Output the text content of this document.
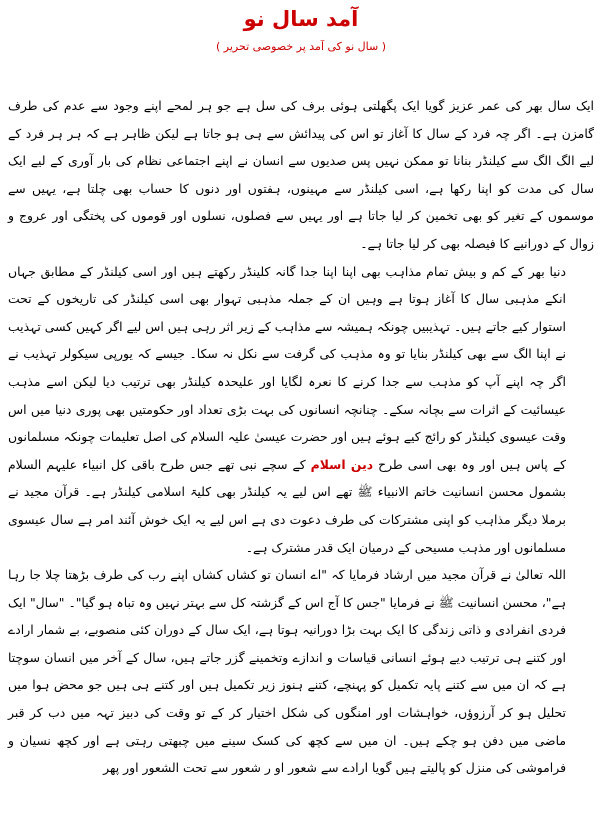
آمد سال نو
( سال نو کی آمد پر خصوصی تحریر )

ایک سال بھر کی عمر عزیز گویا ایک پگھلتی ہوئی برف کی سل ہے جو ہر لمحے اپنے وجود سے عدم کی طرف گامزن ہے۔ اگر چہ فرد کے سال کا آغاز تو اس کی پیدائش سے ہی ہو جاتا ہے لیکن ظاہر ہے کہ ہر ہر فرد کے لیے الگ الگ سے کیلنڈر بنانا تو ممکن نہیں پس صدیوں سے انسان نے اپنے اجتماعی نظام کی بار آوری کے لیے ایک سال کی مدت کو اپنا رکھا ہے، اسی کیلنڈر سے مہینوں، ہفتوں اور دنوں کا حساب بھی چلتا ہے، یہیں سے موسموں کے تغیر کو بھی تخمین کر لیا جاتا ہے اور یہیں سے فصلوں، نسلوں اور قوموں کی پختگی اور عروج و زوال کے دورانیے کا فیصلہ بھی کر لیا جاتا ہے۔

دنیا بھر کے کم و بیش تمام مذاہب بھی اپنا اپنا جدا گانہ کلینڈر رکھتے ہیں اور اسی کیلنڈر کے مطابق جہاں انکے مذہبی سال کا آغاز ہوتا ہے وہیں ان کے جملہ مذہبی تہوار بھی اسی کیلنڈر کی تاریخوں کے تحت استوار کیے جاتے ہیں۔ تہذیبیں چونکہ ہمیشہ سے مذاہب کے زیر اثر رہی ہیں اس لیے اگر کہیں کسی تہذیب نے اپنا الگ سے بھی کیلنڈر بنایا تو وہ مذہب کی گرفت سے نکل نہ سکا۔ جیسے کہ یورپی سیکولر تہذیب نے اگر چہ اپنے آپ کو مذہب سے جدا کرنے کا نعرہ لگایا اور علیحدہ کیلنڈر بھی ترتیب دیا لیکن اسے مذہب عیسائیت کے اثرات سے بچانہ سکے۔ چنانچہ انسانوں کی بہت بڑی تعداد اور حکومتیں بھی پوری دنیا میں اس وقت عیسوی کیلنڈر کو رائج کیے ہوئے ہیں اور حضرت عیسیٰ علیہ السلام کی اصل تعلیمات چونکہ مسلمانوں کے پاس ہیں اور وہ بھی اسی طرح دین اسلام کے سچے نبی تھے جس طرح باقی کل انبیاء علیہم السلام بشمول محسن انسانیت خاتم الانبیاء ﷺ تھے اس لیے یہ کیلنڈر بھی کلیۃ اسلامی کیلنڈر ہے۔ قرآن مجید نے برملا دیگر مذاہب کو اپنی مشترکات کی طرف دعوت دی ہے اس لیے یہ ایک خوش آئند امر ہے سال عیسوی مسلمانوں اور مذہب مسیحی کے درمیان ایک قدر مشترک ہے۔

اللہ تعالیٰ نے قرآن مجید میں ارشاد فرمایا کہ "اے انسان تو کشاں کشاں اپنے رب کی طرف بڑھتا چلا جا رہا ہے"، محسن انسانیت ﷺ نے فرمایا "جس کا آج اس کے گزشتہ کل سے بہتر نہیں وہ تباہ ہو گیا"۔ "سال" ایک فردی انفرادی و ذاتی زندگی کا ایک بہت بڑا دورانیہ ہوتا ہے، ایک سال کے دوران کئی منصوبے، بے شمار ارادے اور کتنے ہی ترتیب دیے ہوئے انسانی قیاسات و اندازے وتخمینے گزر جاتے ہیں، سال کے آخر میں انسان سوچتا ہے کہ ان میں سے کتنے پایہ تکمیل کو پہنچے، کتنے ہنوز زیر تکمیل ہیں اور کتنے ہی ہیں جو محض ہوا میں تحلیل ہو کر آرزوؤں، خواہشات اور امنگوں کی شکل اختیار کر کے تو وقت کی دبیز تہہ میں دب کر قبر ماضی میں دفن ہو چکے ہیں۔ ان میں سے کچھ کی کسک سینے میں چبھتی رہتی ہے اور کچھ نسیان و فراموشی کی منزل کو پالیتے ہیں گویا ارادے سے شعور او ر شعور سے تحت الشعور اور پھر
